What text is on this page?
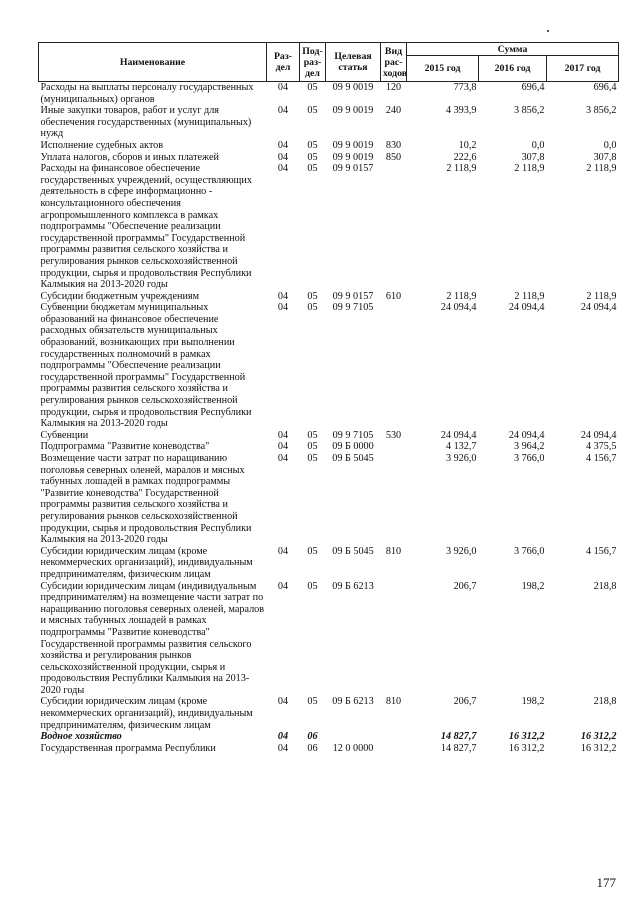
Наименование	Раз-дел	Под-раз-дел	Целевая статья	Вид рас-ходов	Сумма		
					2015 год	2016 год	2017 год
Расходы на выплаты персоналу государственных (муниципальных) органов	04	05	09 9 0019	120	773,8	696,4	696,4
Иные закупки товаров, работ и услуг для обеспечения государственных (муниципальных) нужд	04	05	09 9 0019	240	4 393,9	3 856,2	3 856,2
Исполнение судебных актов	04	05	09 9 0019	830	10,2	0,0	0,0
Уплата налогов, сборов и иных платежей	04	05	09 9 0019	850	222,6	307,8	307,8
Расходы на финансовое обеспечение государственных учреждений, осуществляющих деятельность в сфере информационно - консультационного обеспечения агропромышленного комплекса в рамках подпрограммы "Обеспечение реализации государственной программы" Государственной программы развития сельского хозяйства и регулирования рынков сельскохозяйственной продукции, сырья и продовольствия Республики Калмыкия на 2013-2020 годы	04	05	09 9 0157		2 118,9	2 118,9	2 118,9
Субсидии бюджетным учреждениям	04	05	09 9 0157	610	2 118,9	2 118,9	2 118,9
Субвенции бюджетам муниципальных образований на финансовое обеспечение расходных обязательств муниципальных образований, возникающих при выполнении государственных полномочий в рамках подпрограммы "Обеспечение реализации государственной программы" Государственной программы развития сельского хозяйства и регулирования рынков сельскохозяйственной продукции, сырья и продовольствия Республики Калмыкия на 2013-2020 годы	04	05	09 9 7105		24 094,4	24 094,4	24 094,4
Субвенции	04	05	09 9 7105	530	24 094,4	24 094,4	24 094,4
Подпрограмма "Развитие коневодства"	04	05	09 Б 0000		4 132,7	3 964,2	4 375,5
Возмещение части затрат по наращиванию поголовья северных оленей, маралов и мясных табунных лошадей в рамках подпрограммы "Развитие коневодства" Государственной программы развития сельского хозяйства и регулирования рынков сельскохозяйственной продукции, сырья и продовольствия Республики Калмыкия на 2013-2020 годы	04	05	09 Б 5045		3 926,0	3 766,0	4 156,7
Субсидии юридическим лицам (кроме некоммерческих организаций), индивидуальным предпринимателям, физическим лицам	04	05	09 Б 5045	810	3 926,0	3 766,0	4 156,7
Субсидии юридическим лицам (индивидуальным предпринимателям) на возмещение части затрат по наращиванию поголовья северных оленей, маралов и мясных табунных лошадей в рамках подпрограммы "Развитие коневодства" Государственной программы развития сельского хозяйства и регулирования рынков сельскохозяйственной продукции, сырья и продовольствия Республики Калмыкия на 2013-2020 годы	04	05	09 Б 6213		206,7	198,2	218,8
Субсидии юридическим лицам (кроме некоммерческих организаций), индивидуальным предпринимателям, физическим лицам	04	05	09 Б 6213	810	206,7	198,2	218,8
Водное хозяйство	04	06			14 827,7	16 312,2	16 312,2
Государственная программа Республики	04	06	12 0 0000		14 827,7	16 312,2	16 312,2
177
